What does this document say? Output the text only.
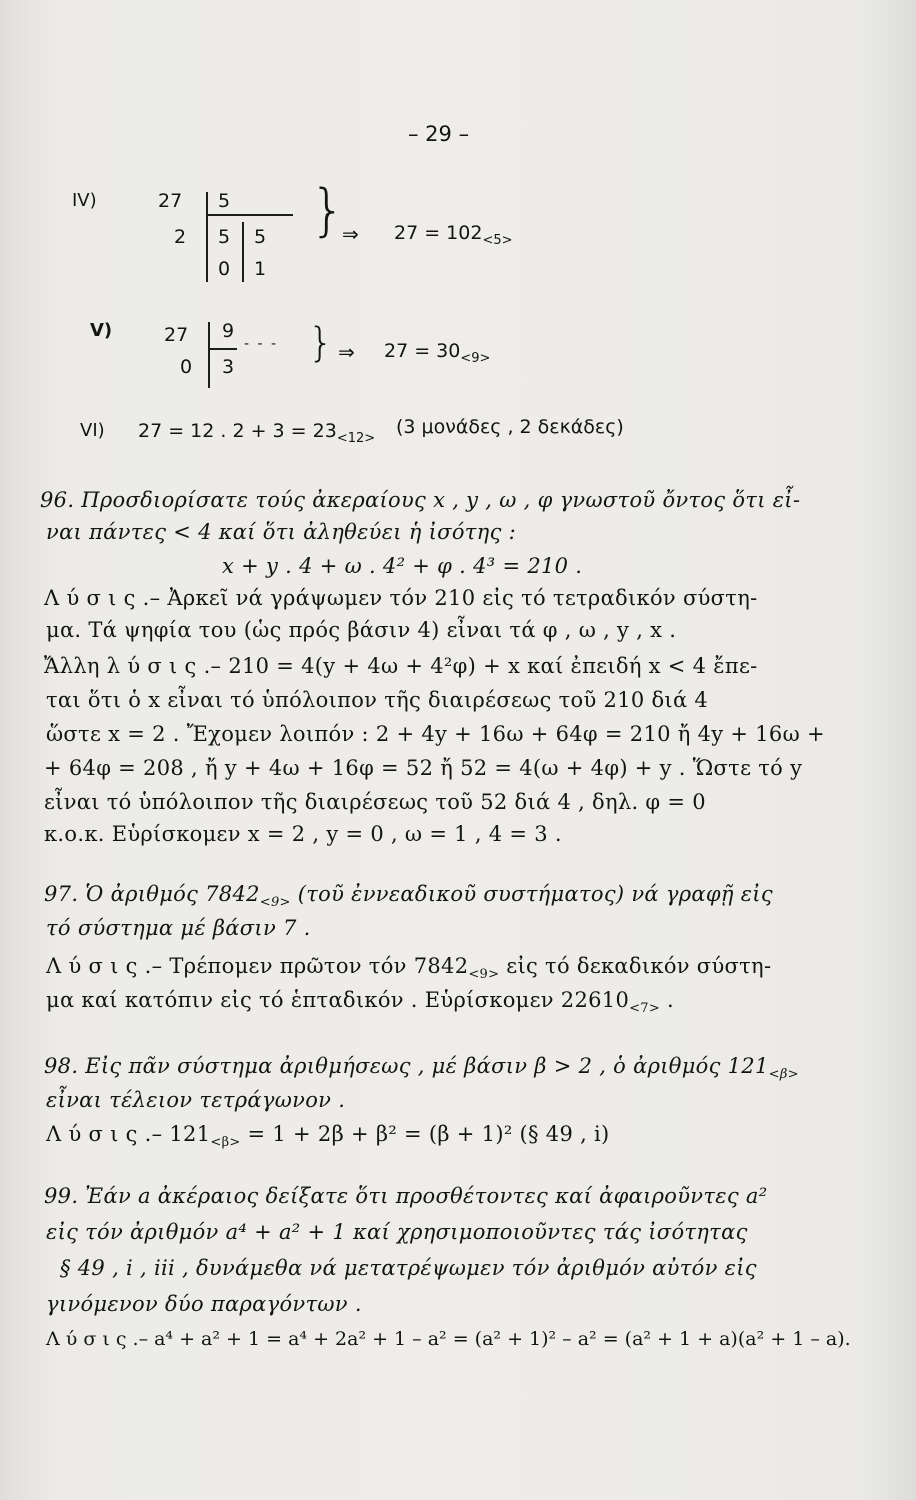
– 29 –
IV)	27 5
2 5 5
0 1
}
⇒ $27 = 102_{<5>}$
V)	27 9
0 3
- - - } ⇒ $27 = 30_{<9>}$
VI) 27 = 12 . $2 + 3 = 23_{<12>}$
(3 μονάδες , 2 δεκάδες)
96. Προσδιορίσατε τούς ἀκεραίους x , y , ω , φ γνωστοῦ ὄντος ὅτι εἶ-
ναι πάντες < 4 καί ὅτι ἀληθεύει ἡ ἰσότης :
x + y . 4 + ω . 4² + φ . 4³ = 210 .
Λ ύ σ ι ς .– Ἀρκεῖ νά γράψωμεν τόν 210 εἰς τό τετραδικόν σύστη-
μα. Τά ψηφία του (ὡς πρός βάσιν 4) εἶναι τά φ , ω , y , x .
Ἄλλη λ ύ σ ι ς .– 210 = 4(y + 4ω + 4²φ) + x καί ἐπειδή x < 4 ἔπε-
ται ὅτι ὁ x εἶναι τό ὑπόλοιπον τῆς διαιρέσεως τοῦ 210 διά 4
ὥστε x = 2 . Ἔχομεν λοιπόν : 2 + 4y + 16ω + 64φ = 210 ἤ 4y + 16ω +
+ 64φ = 208 , ἤ y + 4ω + 16φ = 52 ἤ 52 = 4(ω + 4φ) + y . Ὥστε τό y
εἶναι τό ὑπόλοιπον τῆς διαιρέσεως τοῦ 52 διά 4 , δηλ. φ = 0
κ.ο.κ. Εὑρίσκομεν x = 2 , y = 0 , ω = 1 , 4 = 3 .
97. Ὁ ἀριθμός $7842_{<9>}$ (τοῦ ἐννεαδικοῦ συστήματος) νά γραφῇ εἰς
τό σύστημα μέ βάσιν 7 .
Λ ύ σ ι ς .– Τρέπομεν πρῶτον τόν $7842_{<9>}$ εἰς τό δεκαδικόν σύστη-
μα καί κατόπιν εἰς τό ἑπταδικόν . Εὑρίσκομεν $22610_{<7>}$ .
98. Εἰς πᾶν σύστημα ἀριθμήσεως , μέ βάσιν β > 2 , ὁ ἀριθμός $121_{<\beta>}$
εἶναι τέλειον τετράγωνον .
Λ ύ σ ι ς .– $121_{<\beta>} = 1 + 2\beta + \beta^2 = (\beta + 1)^2$ (§ 49 , i)
99. Ἐάν a ἀκέραιος δείξατε ὅτι προσθέτοντες καί ἀφαιροῦντες a²
εἰς τόν ἀριθμόν a⁴ + a² + 1 καί χρησιμοποιοῦντες τάς ἰσότητας
§ 49 , i , iii , δυνάμεθα νά μετατρέψωμεν τόν ἀριθμόν αὐτόν εἰς
γινόμενον δύο παραγόντων .
Λ ύ σ ι ς .– a⁴ + a² + 1 = a⁴ + 2a² + 1 – a² = (a² + 1)² – a² = (a² + 1 + a)(a² + 1 – a).
